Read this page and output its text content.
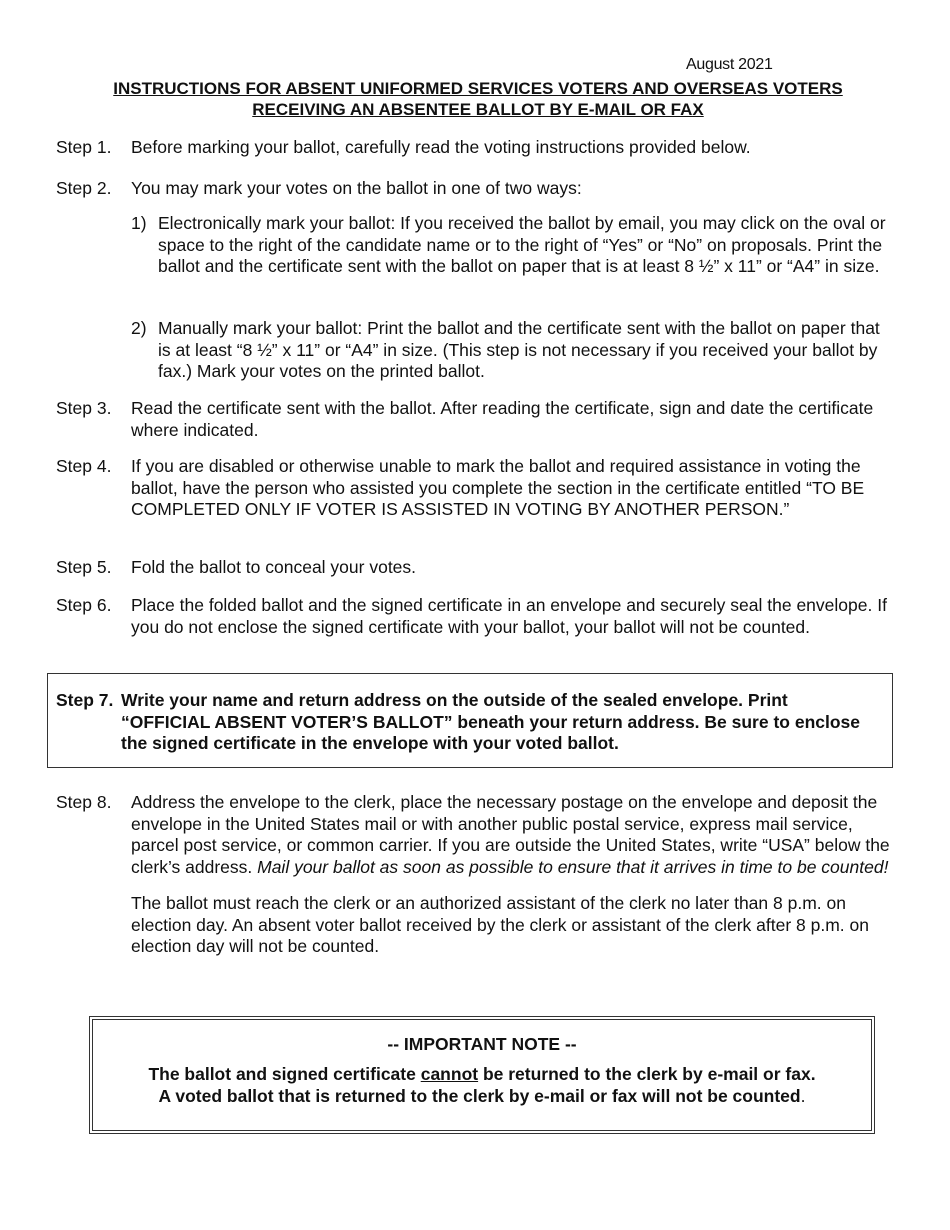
August 2021
INSTRUCTIONS FOR ABSENT UNIFORMED SERVICES VOTERS AND OVERSEAS VOTERS
RECEIVING AN ABSENTEE BALLOT BY E-MAIL OR FAX
Step 1. Before marking your ballot, carefully read the voting instructions provided below.
Step 2. You may mark your votes on the ballot in one of two ways:
1) Electronically mark your ballot: If you received the ballot by email, you may click on the oval or space to the right of the candidate name or to the right of “Yes” or “No” on proposals. Print the ballot and the certificate sent with the ballot on paper that is at least 8 ½” x 11” or “A4” in size.
2) Manually mark your ballot: Print the ballot and the certificate sent with the ballot on paper that is at least “8 ½” x 11” or “A4” in size. (This step is not necessary if you received your ballot by fax.) Mark your votes on the printed ballot.
Step 3. Read the certificate sent with the ballot. After reading the certificate, sign and date the certificate where indicated.
Step 4. If you are disabled or otherwise unable to mark the ballot and required assistance in voting the ballot, have the person who assisted you complete the section in the certificate entitled “TO BE COMPLETED ONLY IF VOTER IS ASSISTED IN VOTING BY ANOTHER PERSON.”
Step 5. Fold the ballot to conceal your votes.
Step 6. Place the folded ballot and the signed certificate in an envelope and securely seal the envelope. If you do not enclose the signed certificate with your ballot, your ballot will not be counted.
Step 7. Write your name and return address on the outside of the sealed envelope. Print “OFFICIAL ABSENT VOTER’S BALLOT” beneath your return address. Be sure to enclose the signed certificate in the envelope with your voted ballot.
Step 8. Address the envelope to the clerk, place the necessary postage on the envelope and deposit the envelope in the United States mail or with another public postal service, express mail service, parcel post service, or common carrier. If you are outside the United States, write “USA” below the clerk’s address. Mail your ballot as soon as possible to ensure that it arrives in time to be counted!
The ballot must reach the clerk or an authorized assistant of the clerk no later than 8 p.m. on election day. An absent voter ballot received by the clerk or assistant of the clerk after 8 p.m. on election day will not be counted.
-- IMPORTANT NOTE --
The ballot and signed certificate cannot be returned to the clerk by e-mail or fax.
A voted ballot that is returned to the clerk by e-mail or fax will not be counted.
